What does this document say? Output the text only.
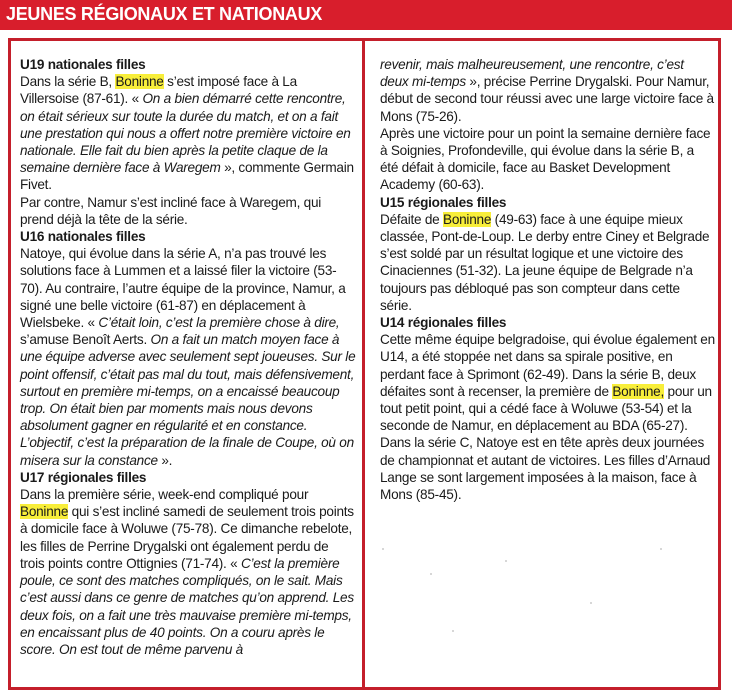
JEUNES RÉGIONAUX ET NATIONAUX

U19 nationales filles

Dans la série B, Boninne s’est imposé face à La Villersoise (87-61). « On a bien démarré cette rencontre, on était sérieux sur toute la durée du match, et on a fait une prestation qui nous a offert notre première victoire en nationale. Elle fait du bien après la petite claque de la semaine dernière face à Waregem », commente Germain Fivet.

Par contre, Namur s’est incliné face à Waregem, qui prend déjà la tête de la série.

U16 nationales filles

Natoye, qui évolue dans la série A, n’a pas trouvé les solutions face à Lummen et a laissé filer la victoire (53-70). Au contraire, l’autre équipe de la province, Namur, a signé une belle victoire (61-87) en déplacement à Wielsbeke. « C’était loin, c’est la première chose à dire, s’amuse Benoît Aerts. On a fait un match moyen face à une équipe adverse avec seulement sept joueuses. Sur le point offensif, c’était pas mal du tout, mais défensivement, surtout en première mi-temps, on a encaissé beaucoup trop. On était bien par moments mais nous devons absolument gagner en régularité et en constance. L’objectif, c’est la préparation de la finale de Coupe, où on misera sur la constance ».

U17 régionales filles

Dans la première série, week-end compliqué pour Boninne qui s’est incliné samedi de seulement trois points à domicile face à Woluwe (75-78). Ce dimanche rebelote, les filles de Perrine Drygalski ont également perdu de trois points contre Ottignies (71-74). « C’est la première poule, ce sont des matches compliqués, on le sait. Mais c’est aussi dans ce genre de matches qu’on apprend. Les deux fois, on a fait une très mauvaise première mi-temps, en encaissant plus de 40 points. On a couru après le score. On est tout de même parvenu à

revenir, mais malheureusement, une rencontre, c’est deux mi-temps », précise Perrine Drygalski. Pour Namur, début de second tour réussi avec une large victoire face à Mons (75-26).

Après une victoire pour un point la semaine dernière face à Soignies, Profondeville, qui évolue dans la série B, a été défait à domicile, face au Basket Development Academy (60-63).

U15 régionales filles

Défaite de Boninne (49-63) face à une équipe mieux classée, Pont-de-Loup. Le derby entre Ciney et Belgrade s’est soldé par un résultat logique et une victoire des Cinaciennes (51-32). La jeune équipe de Belgrade n’a toujours pas débloqué pas son compteur dans cette série.

U14 régionales filles

Cette même équipe belgradoise, qui évolue également en U14, a été stoppée net dans sa spirale positive, en perdant face à Sprimont (62-49). Dans la série B, deux défaites sont à recenser, la première de Boninne, pour un tout petit point, qui a cédé face à Woluwe (53-54) et la seconde de Namur, en déplacement au BDA (65-27). Dans la série C, Natoye est en tête après deux journées de championnat et autant de victoires. Les filles d’Arnaud Lange se sont largement imposées à la maison, face à Mons (85-45).
